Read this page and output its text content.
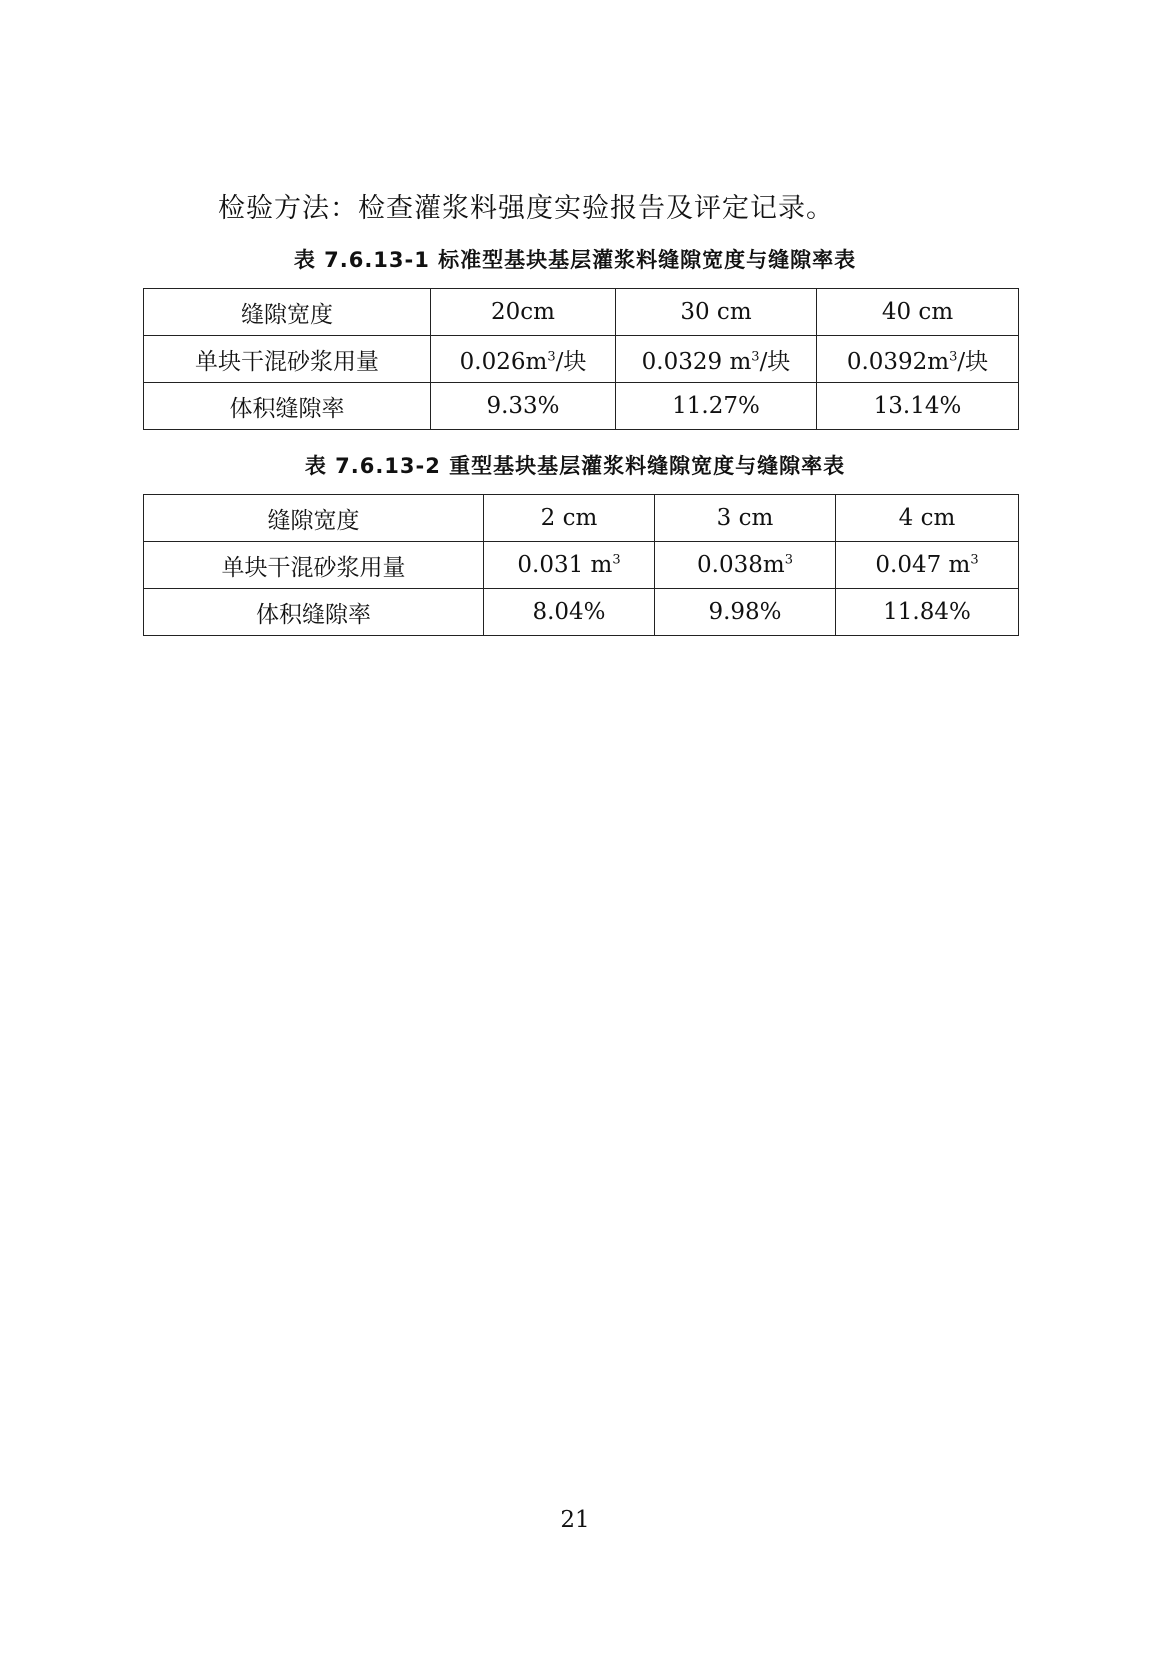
检验方法：检查灌浆料强度实验报告及评定记录。
表 7.6.13-1 标准型基块基层灌浆料缝隙宽度与缝隙率表
缝隙宽度	20cm	30 cm	40 cm
单块干混砂浆用量	$0.026m^3/$块	0.0329 $m^3/$块	$0.0392m^3/$块
体积缝隙率	9.33%	11.27%	13.14%
表 7.6.13-2 重型基块基层灌浆料缝隙宽度与缝隙率表
缝隙宽度	2 cm	3 cm	4 cm
单块干混砂浆用量	0.031 $m^3$	$0.038m^3$	0.047 $m^3$
体积缝隙率	8.04%	9.98%	11.84%
21
